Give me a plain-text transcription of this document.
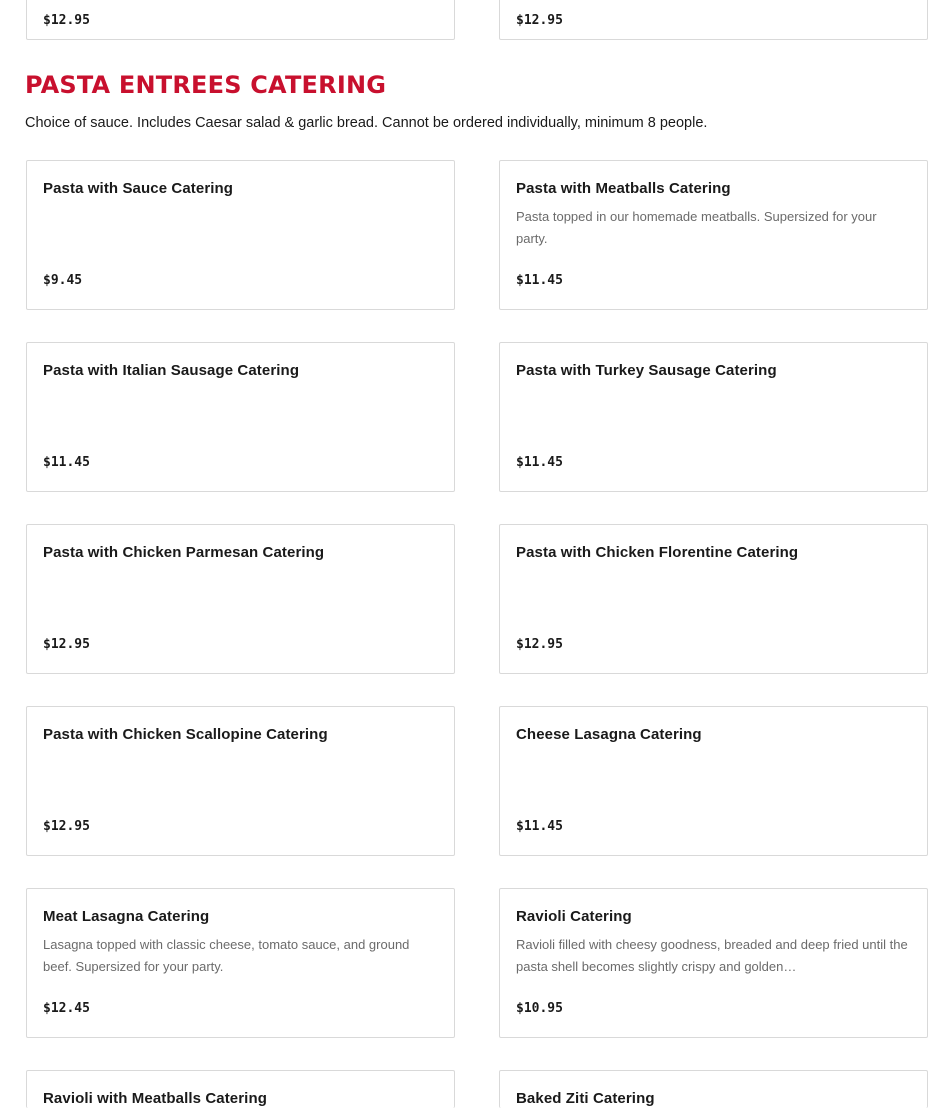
$12.95	$12.95
PASTA ENTREES CATERING

Choice of sauce. Includes Caesar salad & garlic bread. Cannot be ordered individually, minimum 8 people.

Pasta with Sauce Catering
$9.45
Pasta with Meatballs Catering
Pasta topped in our homemade meatballs. Supersized for your party.
$11.45
Pasta with Italian Sausage Catering
$11.45
Pasta with Turkey Sausage Catering
$11.45
Pasta with Chicken Parmesan Catering
$12.95
Pasta with Chicken Florentine Catering
$12.95
Pasta with Chicken Scallopine Catering
$12.95
Cheese Lasagna Catering
$11.45
Meat Lasagna Catering
Lasagna topped with classic cheese, tomato sauce, and ground beef. Supersized for your party.
$12.45
Ravioli Catering
Ravioli filled with cheesy goodness, breaded and deep fried until the pasta shell becomes slightly crispy and golden…
$10.95
Ravioli with Meatballs Catering	Baked Ziti Catering
